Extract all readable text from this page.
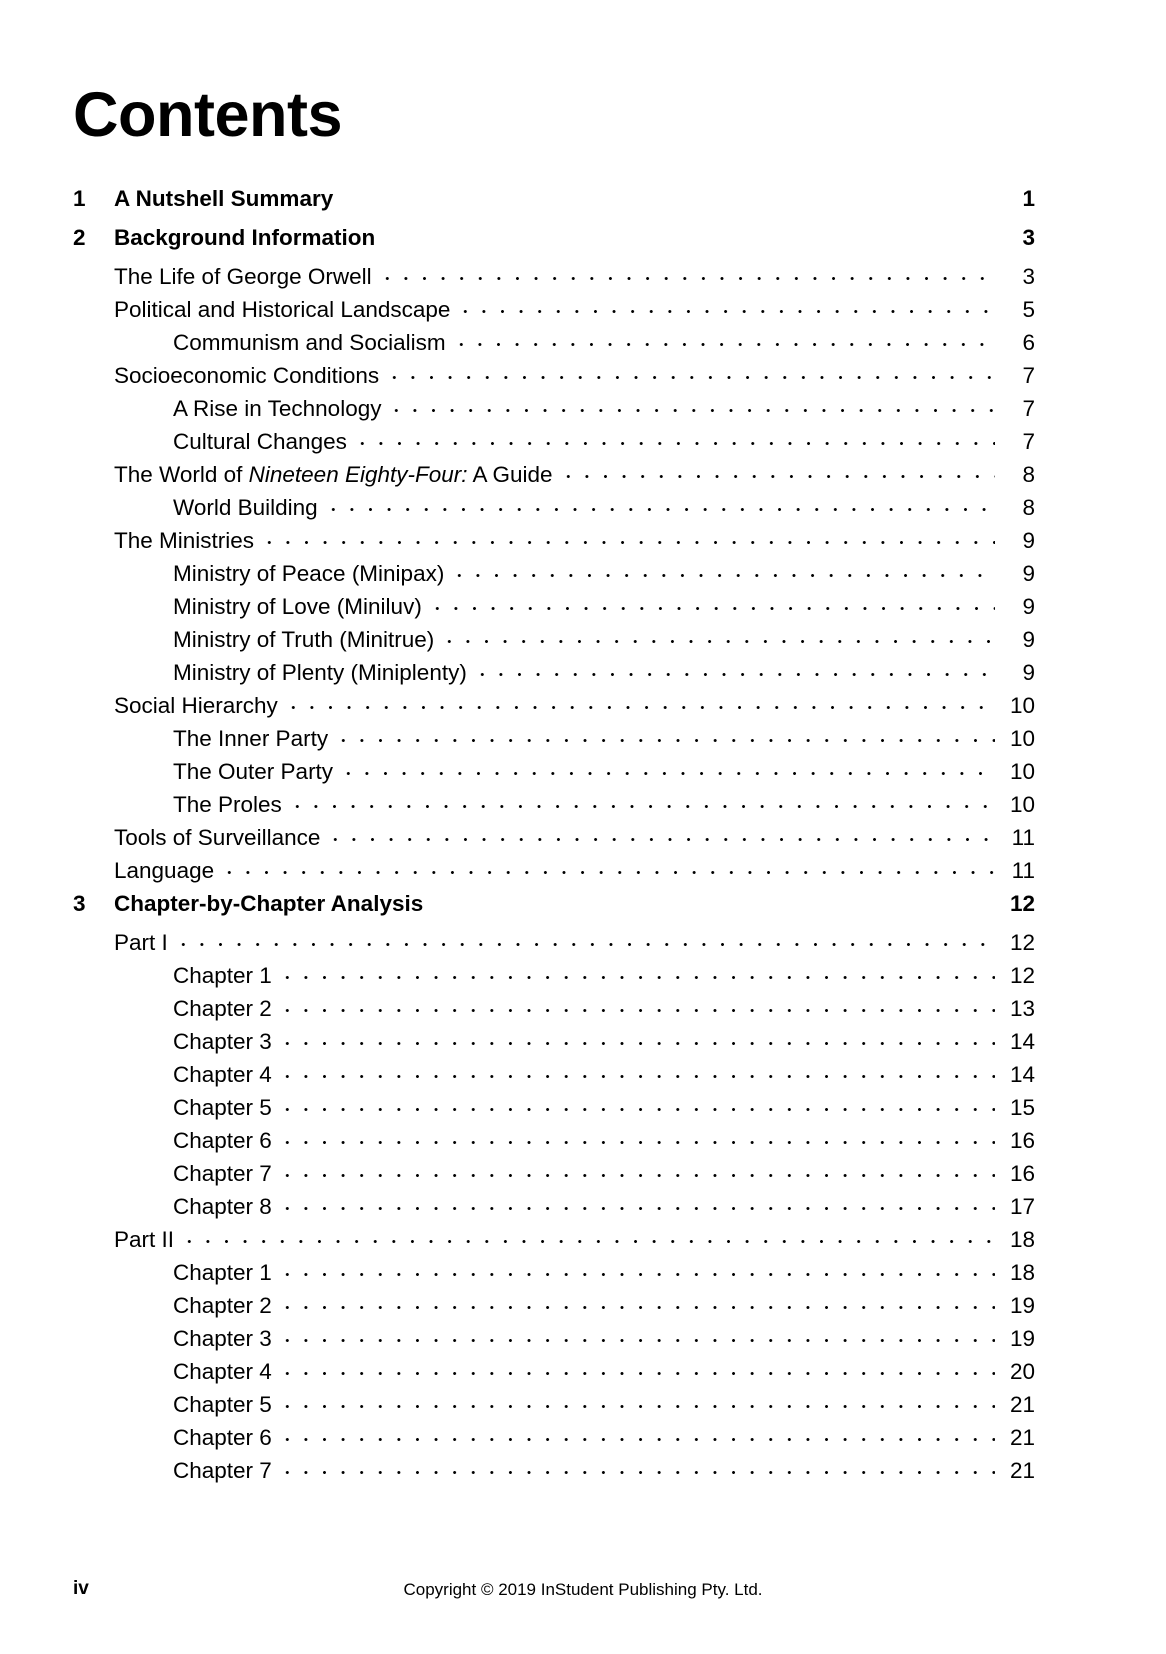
Contents
1	A Nutshell Summary	1
2	Background Information	3
The Life of George Orwell	3
Political and Historical Landscape	5
Communism and Socialism	6
Socioeconomic Conditions	7
A Rise in Technology	7
Cultural Changes	7
The World of Nineteen Eighty-Four: A Guide	8
World Building	8
The Ministries	9
Ministry of Peace (Minipax)	9
Ministry of Love (Miniluv)	9
Ministry of Truth (Minitrue)	9
Ministry of Plenty (Miniplenty)	9
Social Hierarchy	10
The Inner Party	10
The Outer Party	10
The Proles	10
Tools of Surveillance	11
Language	11
3	Chapter-by-Chapter Analysis	12
Part I	12
Chapter 1	12
Chapter 2	13
Chapter 3	14
Chapter 4	14
Chapter 5	15
Chapter 6	16
Chapter 7	16
Chapter 8	17
Part II	18
Chapter 1	18
Chapter 2	19
Chapter 3	19
Chapter 4	20
Chapter 5	21
Chapter 6	21
Chapter 7	21
iv	Copyright © 2019 InStudent Publishing Pty. Ltd.
